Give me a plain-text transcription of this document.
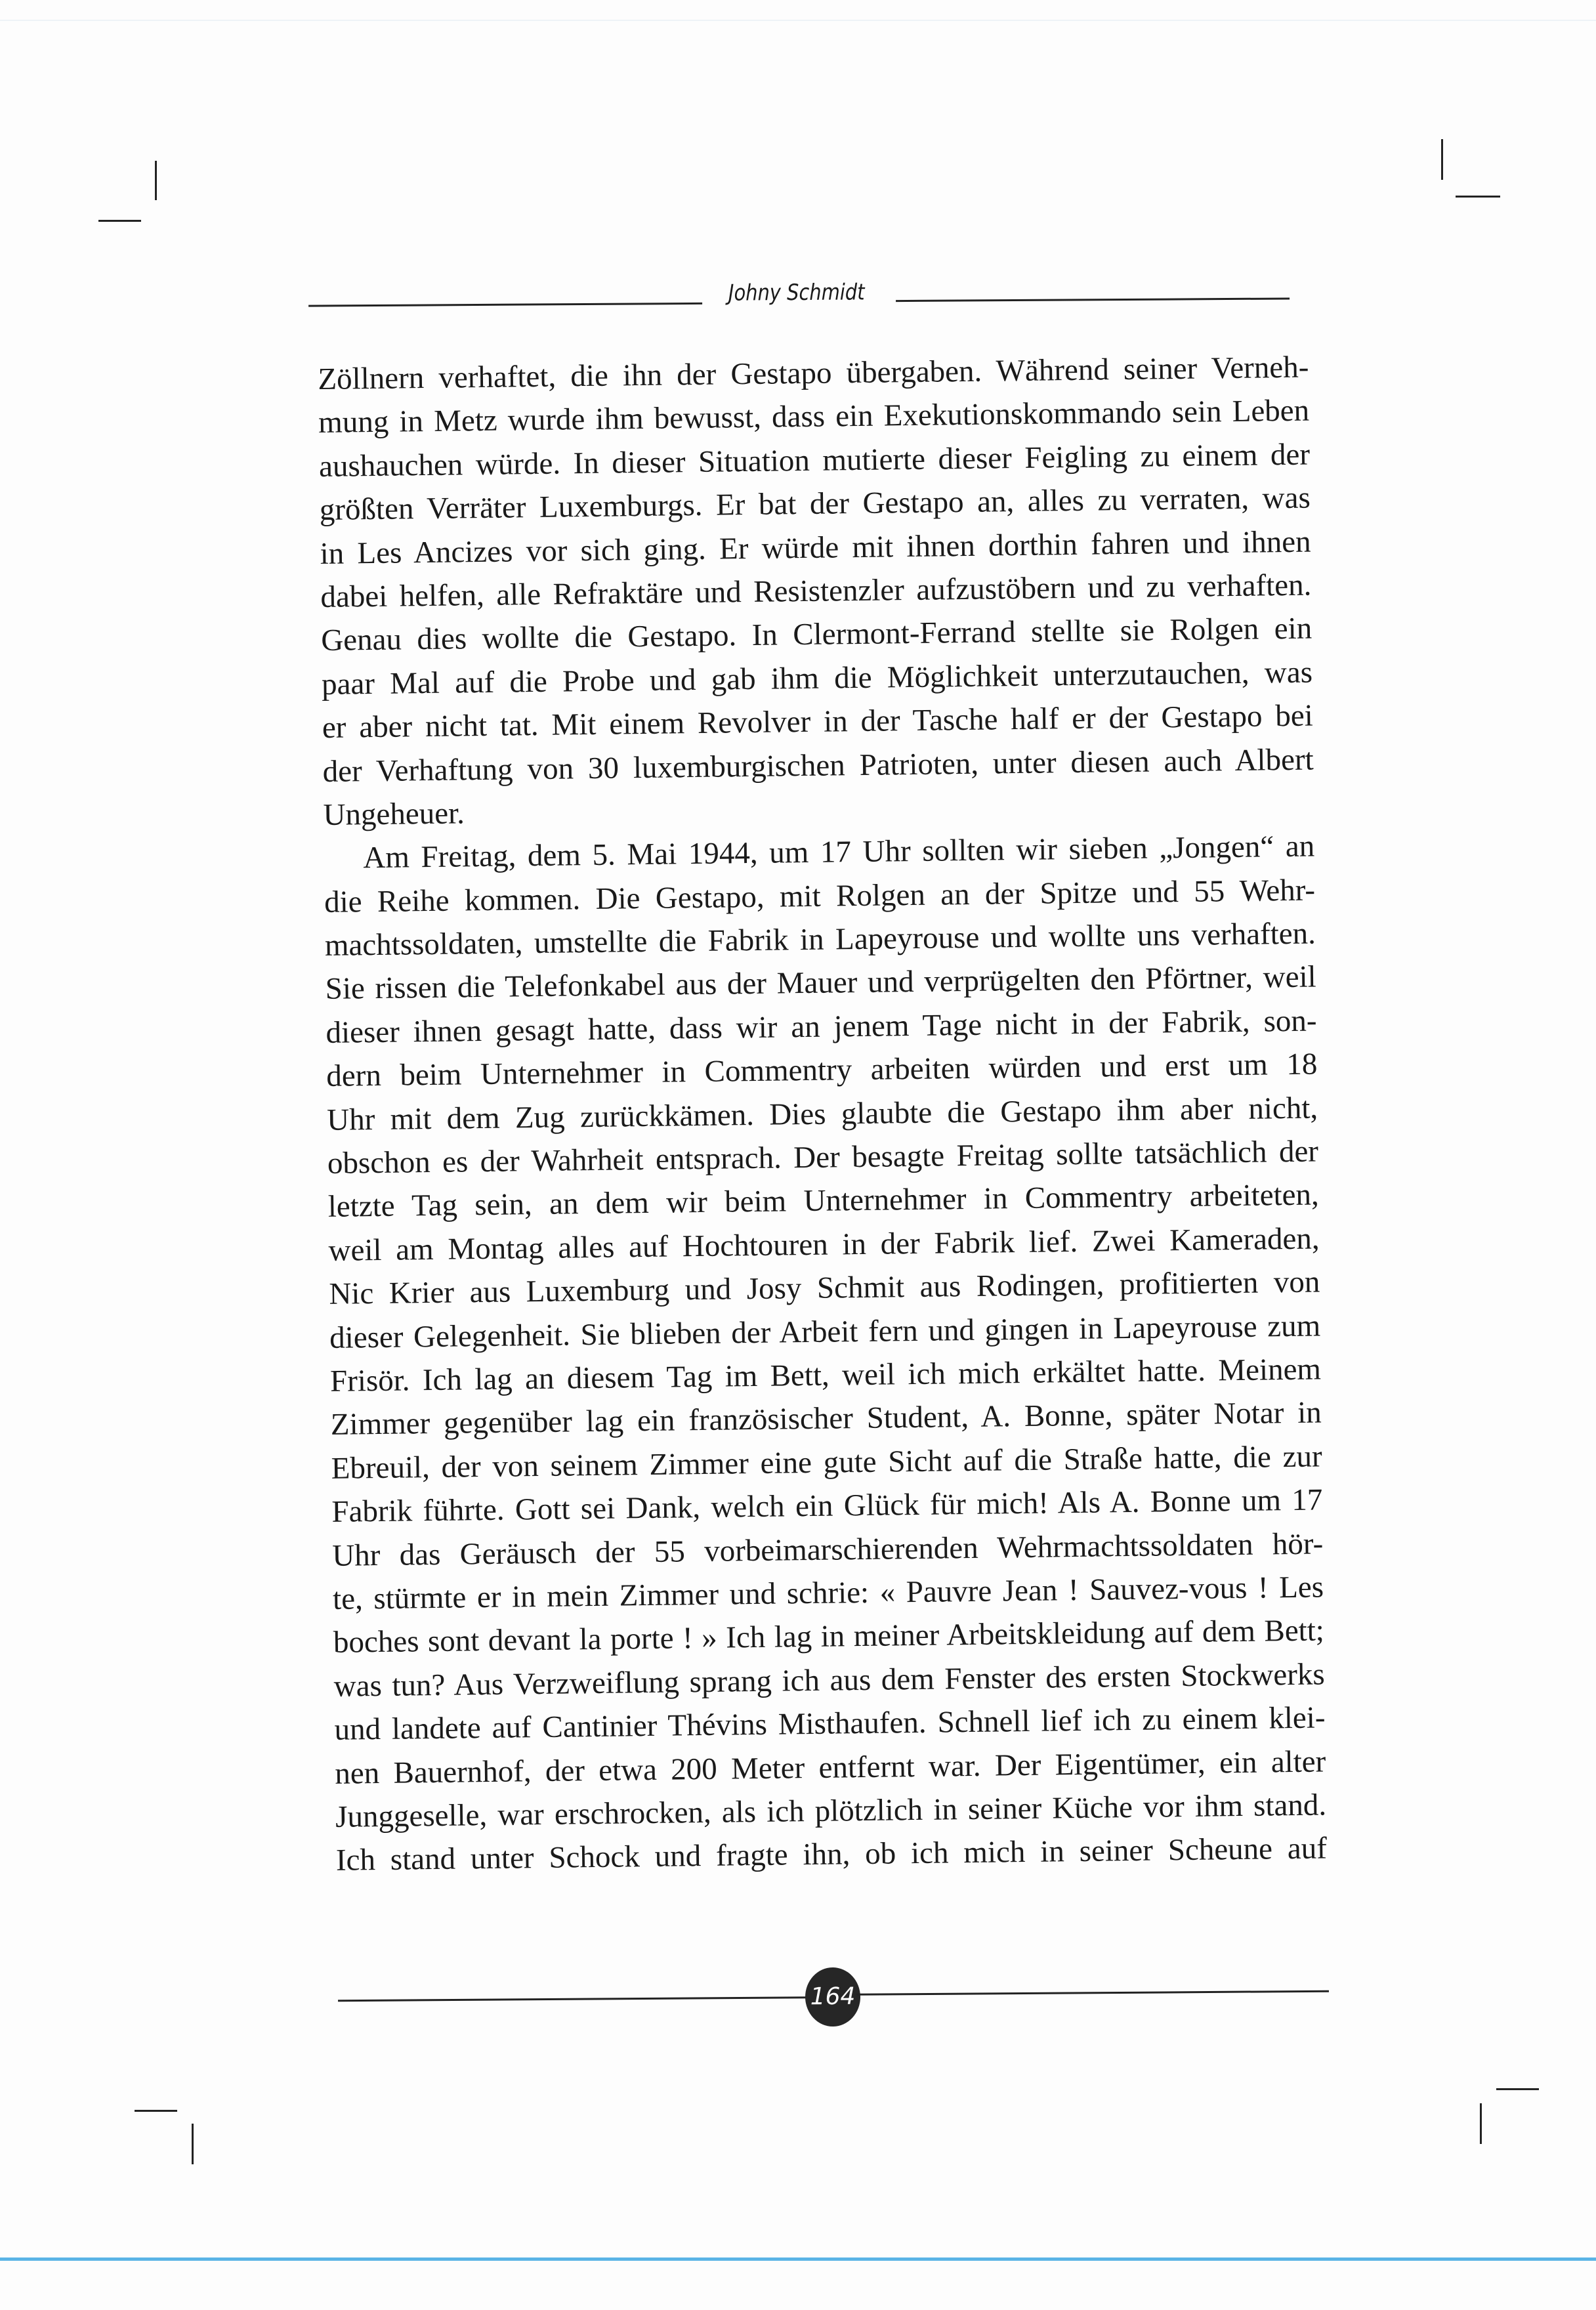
Johny Schmidt
Zöllnern verhaftet, die ihn der Gestapo übergaben. Während seiner Verneh-
mung in Metz wurde ihm bewusst, dass ein Exekutionskommando sein Leben
aushauchen würde. In dieser Situation mutierte dieser Feigling zu einem der
größten Verräter Luxemburgs. Er bat der Gestapo an, alles zu verraten, was
in Les Ancizes vor sich ging. Er würde mit ihnen dorthin fahren und ihnen
dabei helfen, alle Refraktäre und Resistenzler aufzustöbern und zu verhaften.
Genau dies wollte die Gestapo. In Clermont-Ferrand stellte sie Rolgen ein
paar Mal auf die Probe und gab ihm die Möglichkeit unterzutauchen, was
er aber nicht tat. Mit einem Revolver in der Tasche half er der Gestapo bei
der Verhaftung von 30 luxemburgischen Patrioten, unter diesen auch Albert
Ungeheuer.
Am Freitag, dem 5. Mai 1944, um 17 Uhr sollten wir sieben „Jongen“ an
die Reihe kommen. Die Gestapo, mit Rolgen an der Spitze und 55 Wehr-
machtssoldaten, umstellte die Fabrik in Lapeyrouse und wollte uns verhaften.
Sie rissen die Telefonkabel aus der Mauer und verprügelten den Pförtner, weil
dieser ihnen gesagt hatte, dass wir an jenem Tage nicht in der Fabrik, son-
dern beim Unternehmer in Commentry arbeiten würden und erst um 18
Uhr mit dem Zug zurückkämen. Dies glaubte die Gestapo ihm aber nicht,
obschon es der Wahrheit entsprach. Der besagte Freitag sollte tatsächlich der
letzte Tag sein, an dem wir beim Unternehmer in Commentry arbeiteten,
weil am Montag alles auf Hochtouren in der Fabrik lief. Zwei Kameraden,
Nic Krier aus Luxemburg und Josy Schmit aus Rodingen, profitierten von
dieser Gelegenheit. Sie blieben der Arbeit fern und gingen in Lapeyrouse zum
Frisör. Ich lag an diesem Tag im Bett, weil ich mich erkältet hatte. Meinem
Zimmer gegenüber lag ein französischer Student, A. Bonne, später Notar in
Ebreuil, der von seinem Zimmer eine gute Sicht auf die Straße hatte, die zur
Fabrik führte. Gott sei Dank, welch ein Glück für mich! Als A. Bonne um 17
Uhr das Geräusch der 55 vorbeimarschierenden Wehrmachtssoldaten hör-
te, stürmte er in mein Zimmer und schrie: « Pauvre Jean ! Sauvez-vous ! Les
boches sont devant la porte ! » Ich lag in meiner Arbeitskleidung auf dem Bett;
was tun? Aus Verzweiflung sprang ich aus dem Fenster des ersten Stockwerks
und landete auf Cantinier Thévins Misthaufen. Schnell lief ich zu einem klei-
nen Bauernhof, der etwa 200 Meter entfernt war. Der Eigentümer, ein alter
Junggeselle, war erschrocken, als ich plötzlich in seiner Küche vor ihm stand.
Ich stand unter Schock und fragte ihn, ob ich mich in seiner Scheune auf
164
